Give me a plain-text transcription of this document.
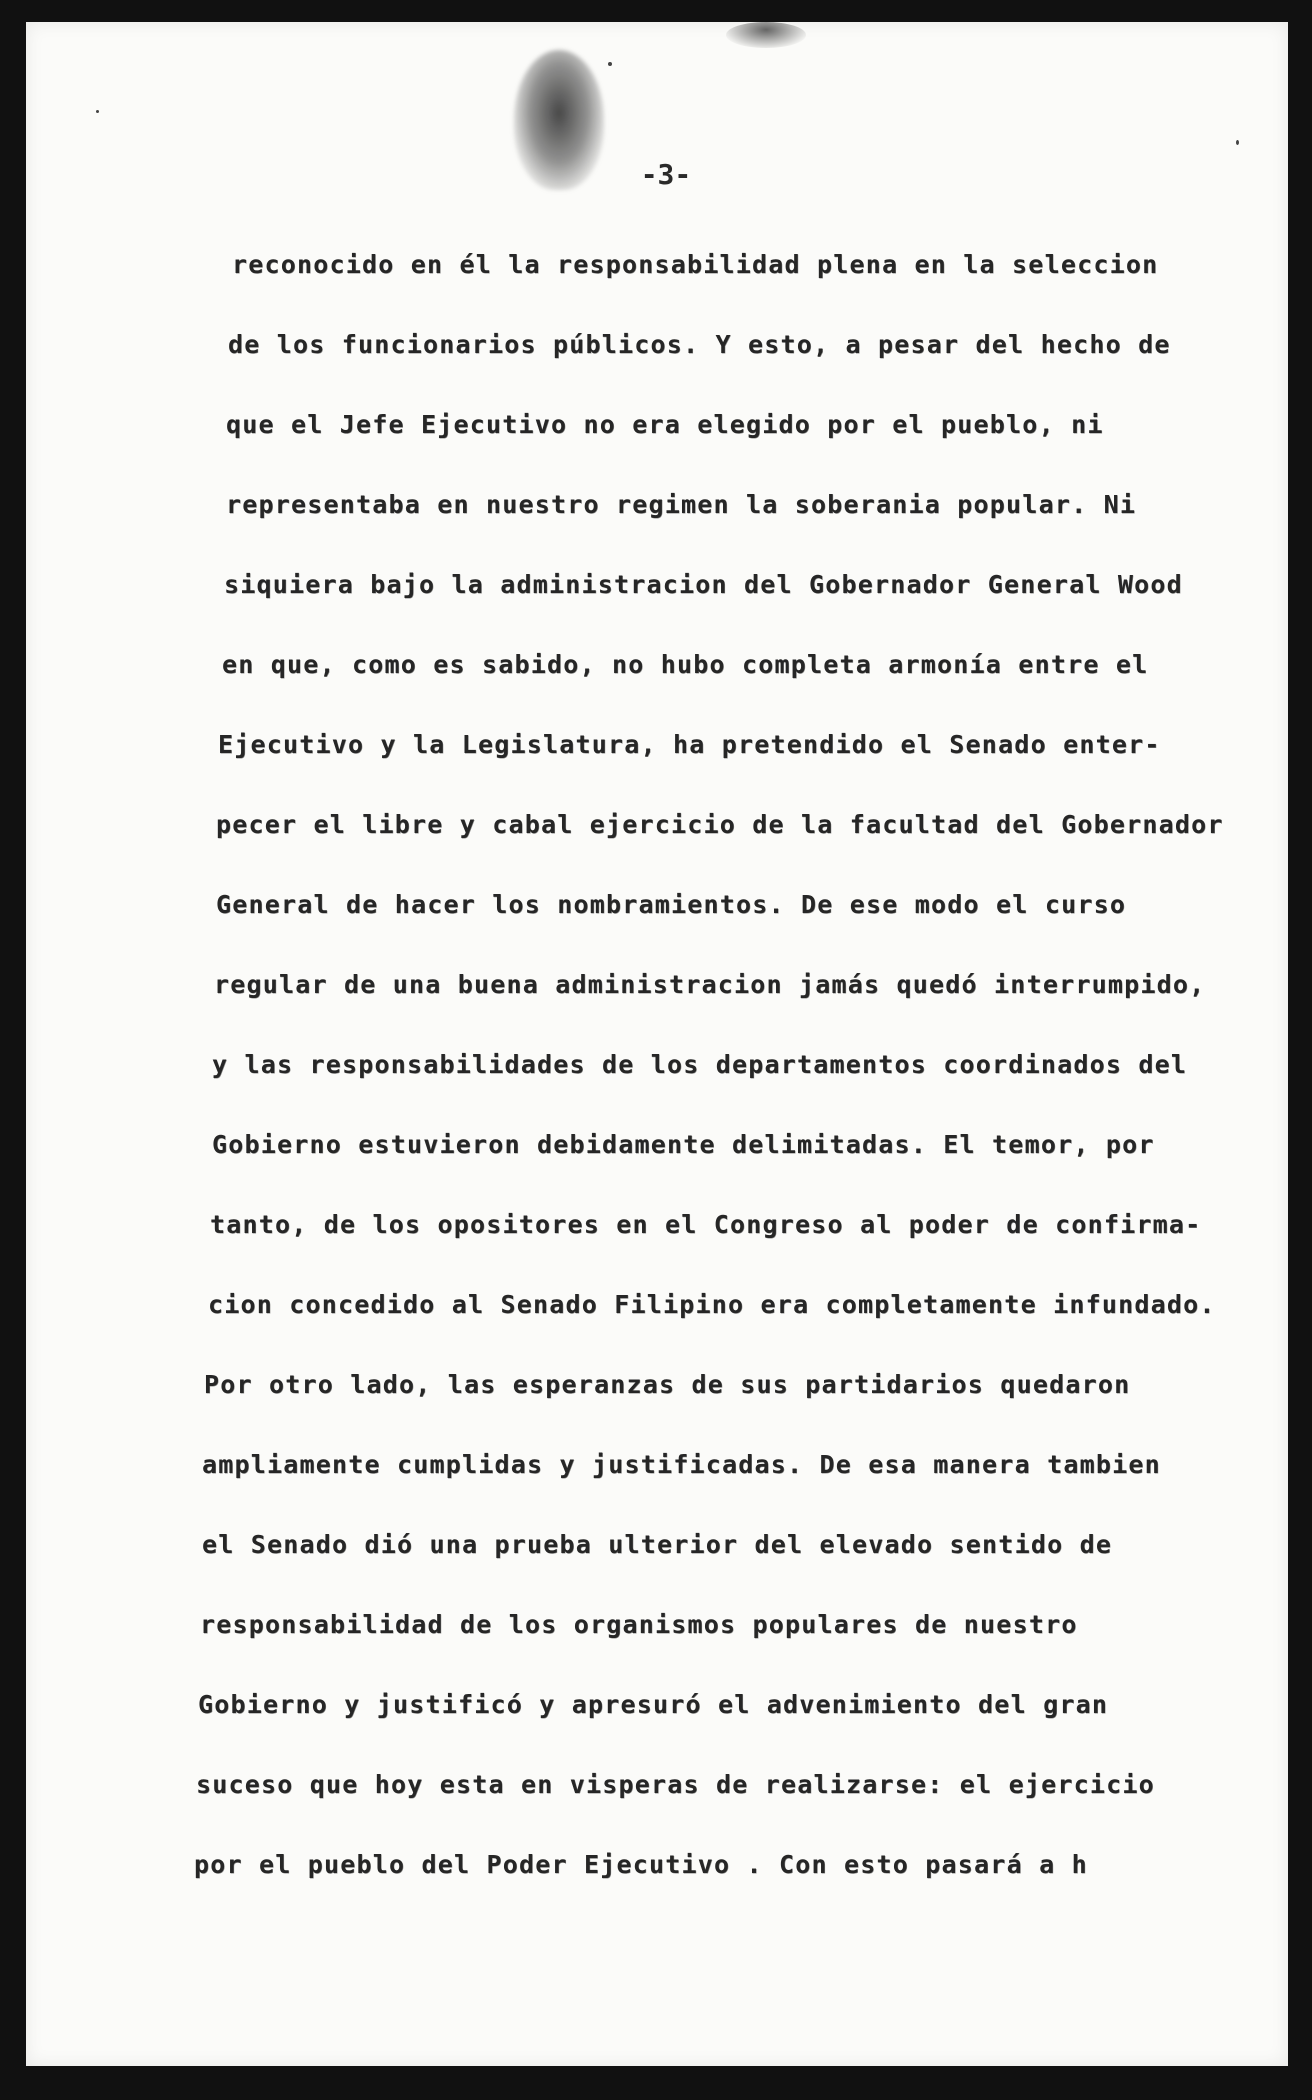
-3-
reconocido en él la responsabilidad plena en la seleccion
de los funcionarios públicos. Y esto, a pesar del hecho de
que el Jefe Ejecutivo no era elegido por el pueblo, ni
representaba en nuestro regimen la soberania popular. Ni
siquiera bajo la administracion del Gobernador General Wood
en que, como es sabido, no hubo completa armonía entre el
Ejecutivo y la Legislatura, ha pretendido el Senado enter-
pecer el libre y cabal ejercicio de la facultad del Gobernador
General de hacer los nombramientos. De ese modo el curso
regular de una buena administracion jamás quedó interrumpido,
y las responsabilidades de los departamentos coordinados del
Gobierno estuvieron debidamente delimitadas. El temor, por
tanto, de los opositores en el Congreso al poder de confirma-
cion concedido al Senado Filipino era completamente infundado.
Por otro lado, las esperanzas de sus partidarios quedaron
ampliamente cumplidas y justificadas. De esa manera tambien
el Senado dió una prueba ulterior del elevado sentido de
responsabilidad de los organismos populares de nuestro
Gobierno y justificó y apresuró el advenimiento del gran
suceso que hoy esta en visperas de realizarse: el ejercicio
por el pueblo del Poder Ejecutivo . Con esto pasará a h
